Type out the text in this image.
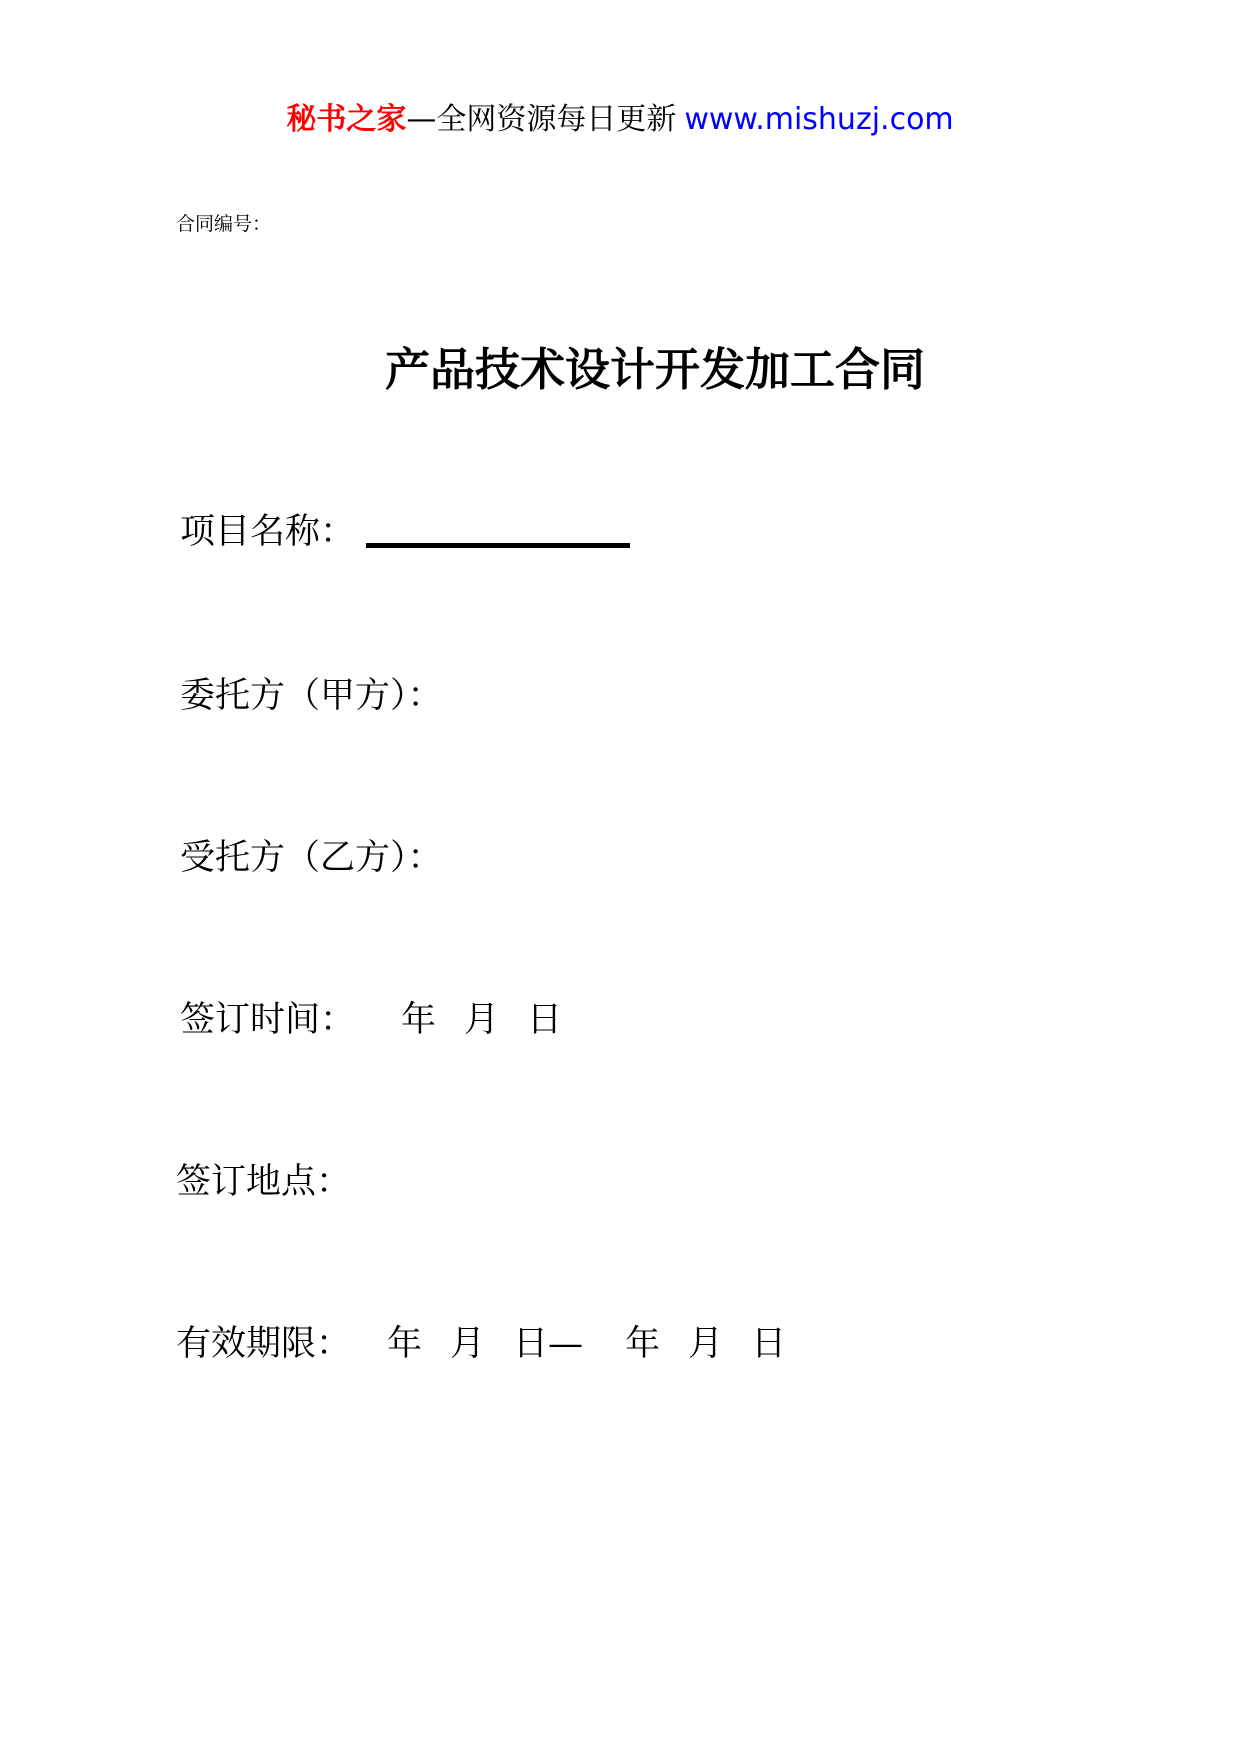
秘书之家—全网资源每日更新 www.mishuzj.com
合同编号：
产品技术设计开发加工合同
项目名称：
委托方（甲方）：
受托方（乙方）：
签订时间： 年 月 日
签订地点：
有效期限： 年 月 日— 年 月 日
